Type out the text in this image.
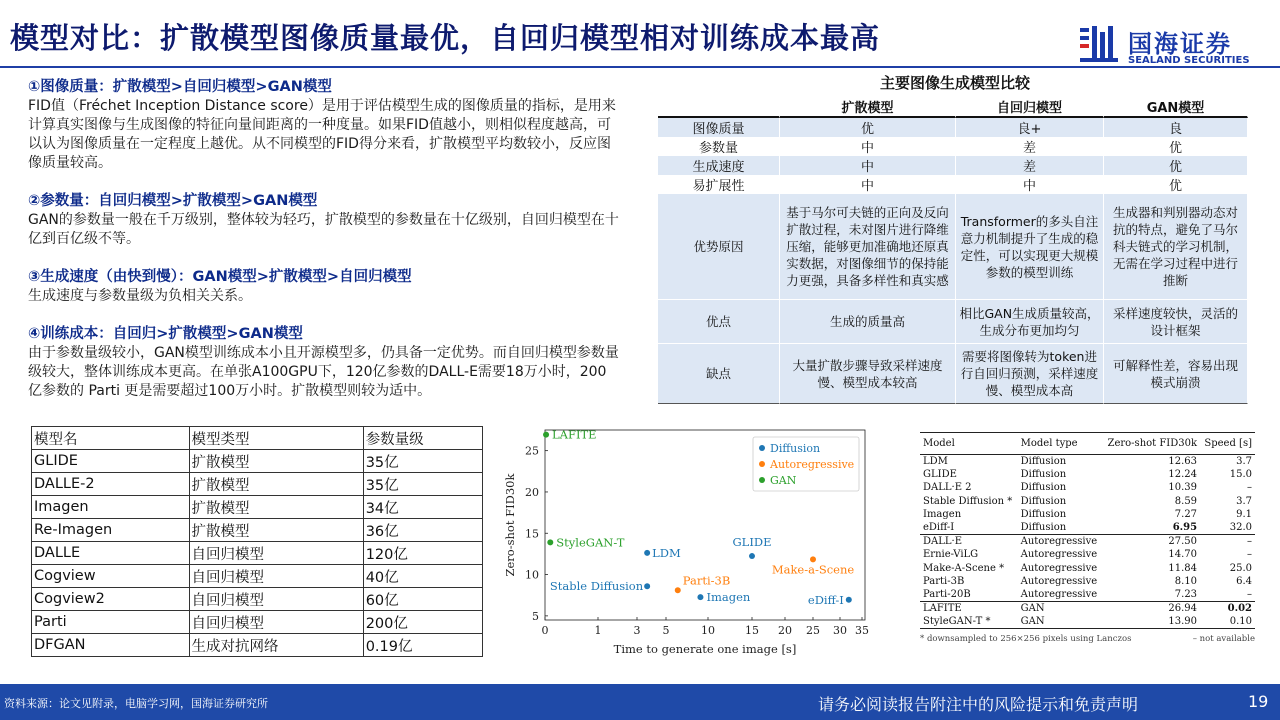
模型对比：扩散模型图像质量最优，自回归模型相对训练成本最高	国海证券
SEALAND SECURITIES
①图像质量：扩散模型>自回归模型>GAN模型
FID值（Fréchet Inception Distance score）是用于评估模型生成的图像质量的指标，是用来计算真实图像与生成图像的特征向量间距离的一种度量。如果FID值越小，则相似程度越高，可以认为图像质量在一定程度上越优。从不同模型的FID得分来看，扩散模型平均数较小，反应图像质量较高。
②参数量：自回归模型>扩散模型>GAN模型
GAN的参数量一般在千万级别，整体较为轻巧，扩散模型的参数量在十亿级别，自回归模型在十亿到百亿级不等。
③生成速度（由快到慢）：GAN模型>扩散模型>自回归模型
生成速度与参数量级为负相关关系。
④训练成本：自回归>扩散模型>GAN模型
由于参数量级较小，GAN模型训练成本小且开源模型多，仍具备一定优势。而自回归模型参数量级较大，整体训练成本更高。在单张A100GPU下，120亿参数的DALL-E需要18万小时，200亿参数的 Parti 更是需要超过100万小时。扩散模型则较为适中。
模型名	模型类型	参数量级
GLIDE	扩散模型	35亿
DALLE-2	扩散模型	35亿
Imagen	扩散模型	34亿
Re-Imagen	扩散模型	36亿
DALLE	自回归模型	120亿
Cogview	自回归模型	40亿
Cogview2	自回归模型	60亿
Parti	自回归模型	200亿
DFGAN	生成对抗网络	0.19亿
主要图像生成模型比较
	扩散模型	自回归模型	GAN模型
图像质量	优	良+	良
参数量	中	差	优
生成速度	中	差	优
易扩展性	中	中	优
优势原因	基于马尔可夫链的正向及反向扩散过程，未对图片进行降维压缩，能够更加准确地还原真实数据，对图像细节的保持能力更强，具备多样性和真实感	Transformer的多头自注意力机制提升了生成的稳定性，可以实现更大规模参数的模型训练	生成器和判别器动态对抗的特点，避免了马尔科夫链式的学习机制，无需在学习过程中进行推断
优点	生成的质量高	相比GAN生成质量较高，生成分布更加均匀	采样速度较快，灵活的设计框架
缺点	大量扩散步骤导致采样速度慢、模型成本较高	需要将图像转为token进行自回归预测，采样速度慢、模型成本高	可解释性差，容易出现模式崩溃
0	1	3 5	10	15 20 25 30 35
5
10
15
20
25
Time to generate one image [s]
Zero-shot FID30k
LAFITE
StyleGAN-T
LDM
GLIDE
Stable Diffusion
Imagen	eDiff-I
Make-a-Scene
Parti-3B
Diffusion
Autoregressive
GAN
Model	Model type	Zero-shot FID30k	Speed [s]
LDM	Diffusion	12.63	3.7
GLIDE	Diffusion	12.24	15.0
DALL·E 2	Diffusion	10.39	–
Stable Diffusion *	Diffusion	8.59	3.7
Imagen	Diffusion	7.27	9.1
eDiff-I	Diffusion	6.95	32.0
DALL·E	Autoregressive	27.50	–
Ernie-ViLG	Autoregressive	14.70	–
Make-A-Scene *	Autoregressive	11.84	25.0
Parti-3B	Autoregressive	8.10	6.4
Parti-20B	Autoregressive	7.23	–
LAFITE	GAN	26.94	0.02
StyleGAN-T *	GAN	13.90	0.10
* downsampled to 256×256 pixels using Lanczos	– not available
资料来源：论文见附录，电脑学习网，国海证券研究所	请务必阅读报告附注中的风险提示和免责声明	19
